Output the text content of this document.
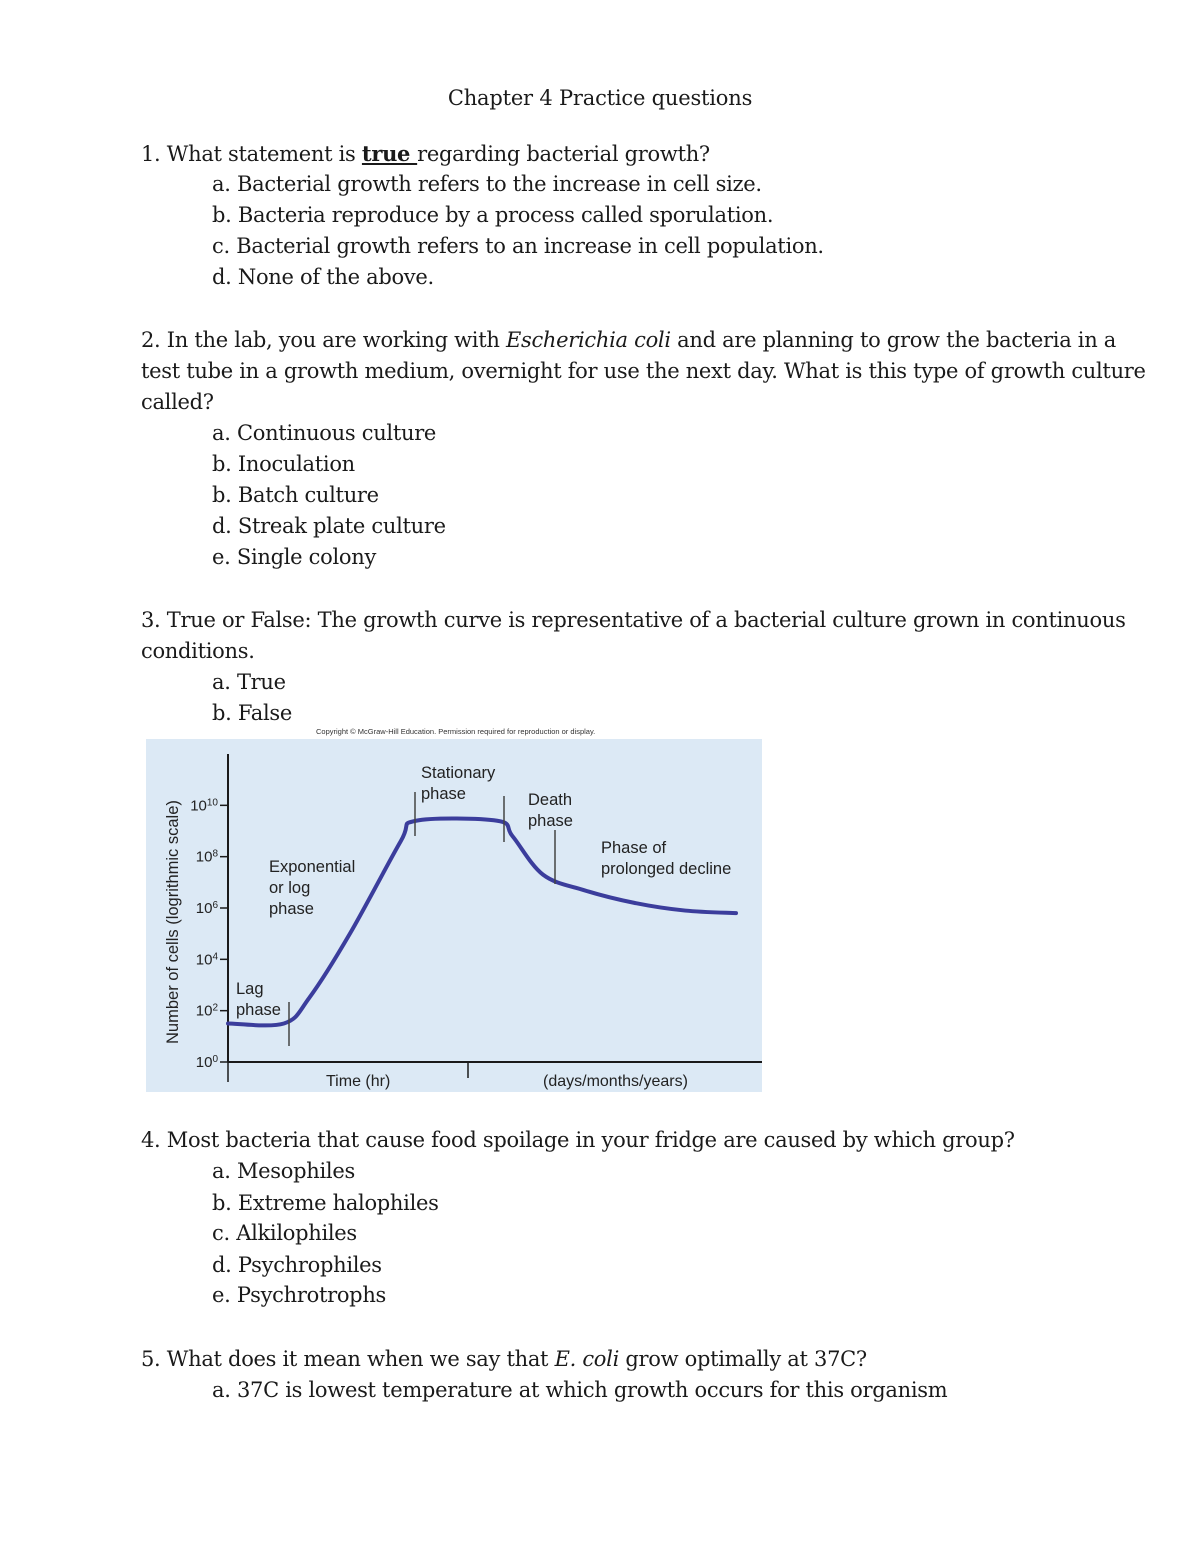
Chapter 4 Practice questions
1. What statement is true regarding bacterial growth?
a. Bacterial growth refers to the increase in cell size.
b. Bacteria reproduce by a process called sporulation.
c. Bacterial growth refers to an increase in cell population.
d. None of the above.
2. In the lab, you are working with Escherichia coli and are planning to grow the bacteria in a
test tube in a growth medium, overnight for use the next day. What is this type of growth culture
called?
a. Continuous culture
b. Inoculation
b. Batch culture
d. Streak plate culture
e. Single colony
3. True or False: The growth curve is representative of a bacterial culture grown in continuous
conditions.
a. True
b. False
Copyright © McGraw-Hill Education. Permission required for reproduction or display.
$10^0$
$10^2$
$10^4$
$10^6$
$10^8$
$10^{10}$
Number of cells (logrithmic scale)
Time (hr)	(days/months/years)
Lag phase
Exponential or log phase
Stationary phase	Death phase
Phase of prolonged decline
4. Most bacteria that cause food spoilage in your fridge are caused by which group?
a. Mesophiles
b. Extreme halophiles
c. Alkilophiles
d. Psychrophiles
e. Psychrotrophs
5. What does it mean when we say that E. coli grow optimally at 37C?
a. 37C is lowest temperature at which growth occurs for this organism
